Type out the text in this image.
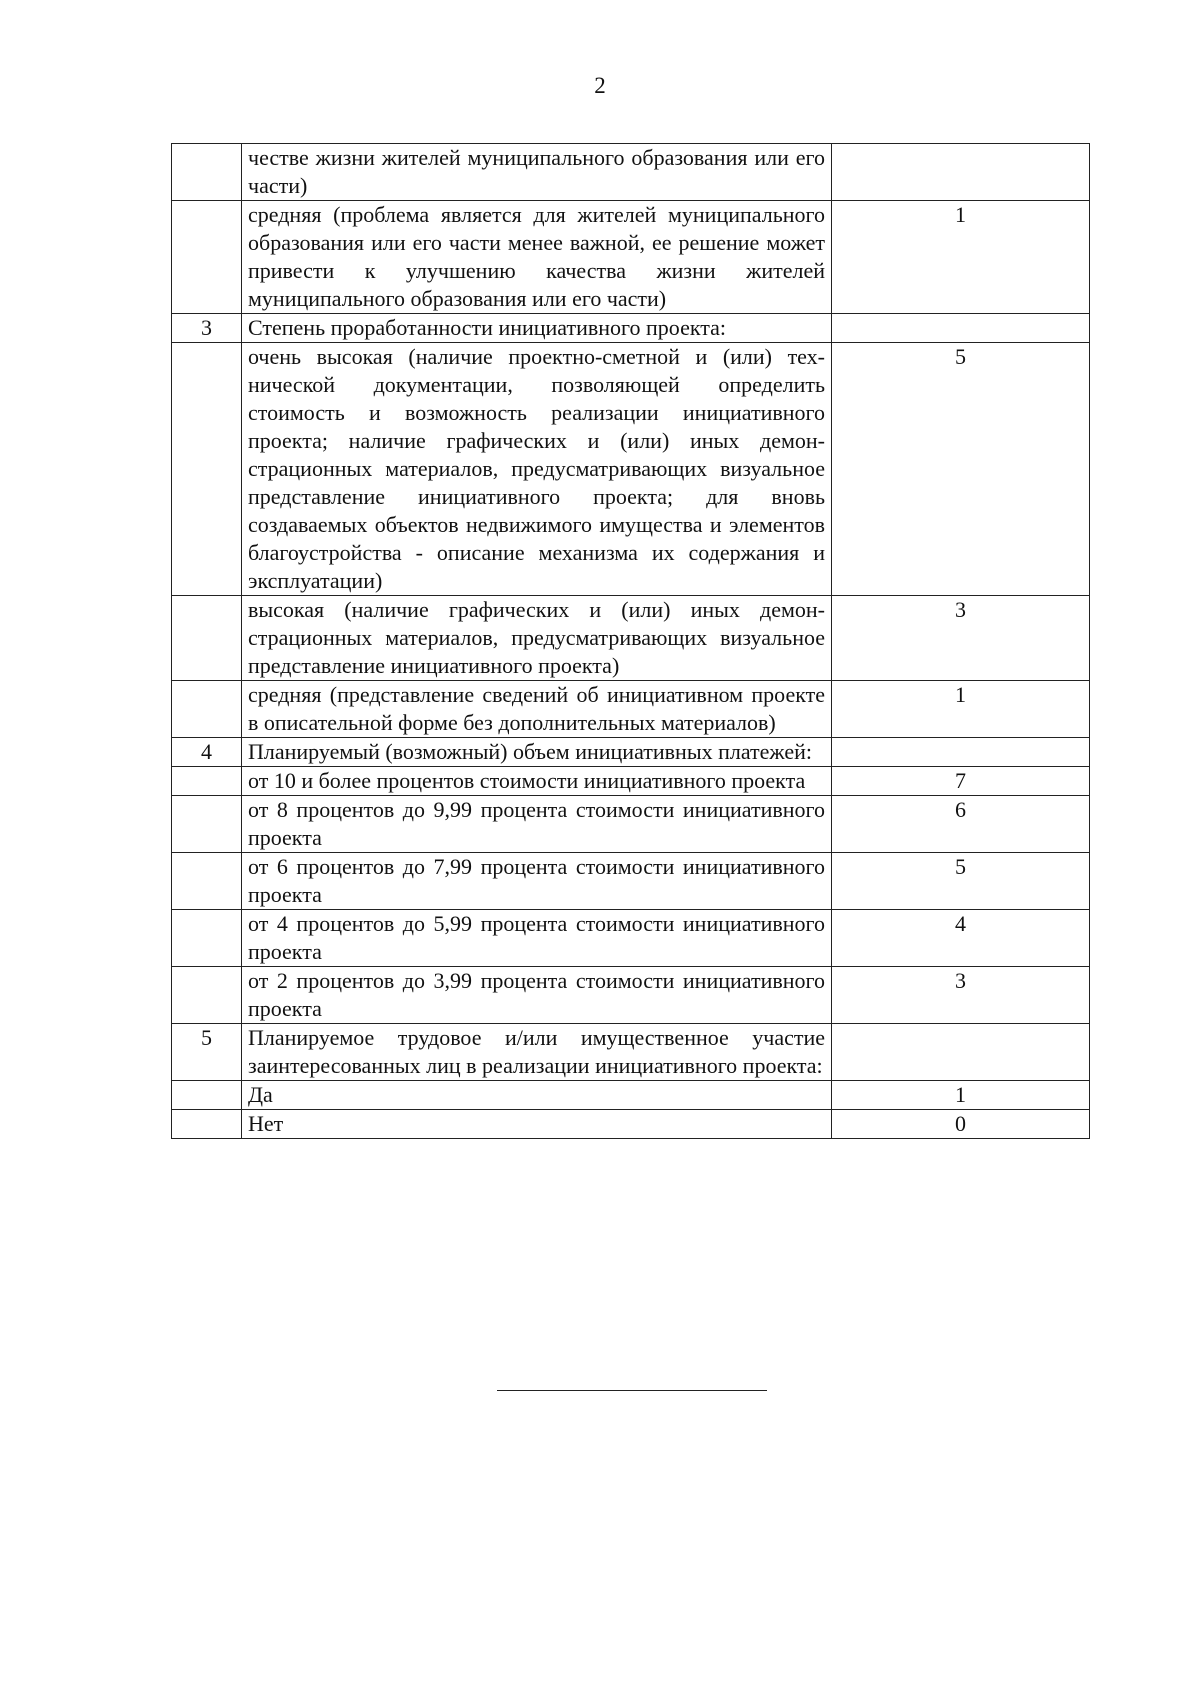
2
	честве жизни жителей муниципального образования или его части)	
	средняя (проблема является для жителей муниципального образования или его части менее важной, ее решение может привести к улучшению качества жизни жителей муниципального образования или его части)	1
3	Степень проработанности инициативного проекта:	
	очень высокая (наличие проектно-сметной и (или) технической документации, позволяющей определить стоимость и возможность реализации инициативного проекта; наличие графических и (или) иных демонстрационных материалов, предусматривающих визуальное представление инициативного проекта; для вновь создаваемых объектов недвижимого имущества и элементов благоустройства - описание механизма их содержания и эксплуатации)	5
	высокая (наличие графических и (или) иных демонстрационных материалов, предусматривающих визуальное представление инициативного проекта)	3
	средняя (представление сведений об инициативном проекте в описательной форме без дополнительных материалов)	1
4	Планируемый (возможный) объем инициативных платежей:	
	от 10 и более процентов стоимости инициативного проекта	7
	от 8 процентов до 9,99 процента стоимости инициативного проекта	6
	от 6 процентов до 7,99 процента стоимости инициативного проекта	5
	от 4 процентов до 5,99 процента стоимости инициативного проекта	4
	от 2 процентов до 3,99 процента стоимости инициативного проекта	3
5	Планируемое трудовое и/или имущественное участие заинтересованных лиц в реализации инициативного проекта:	
	Да	1
	Нет	0
